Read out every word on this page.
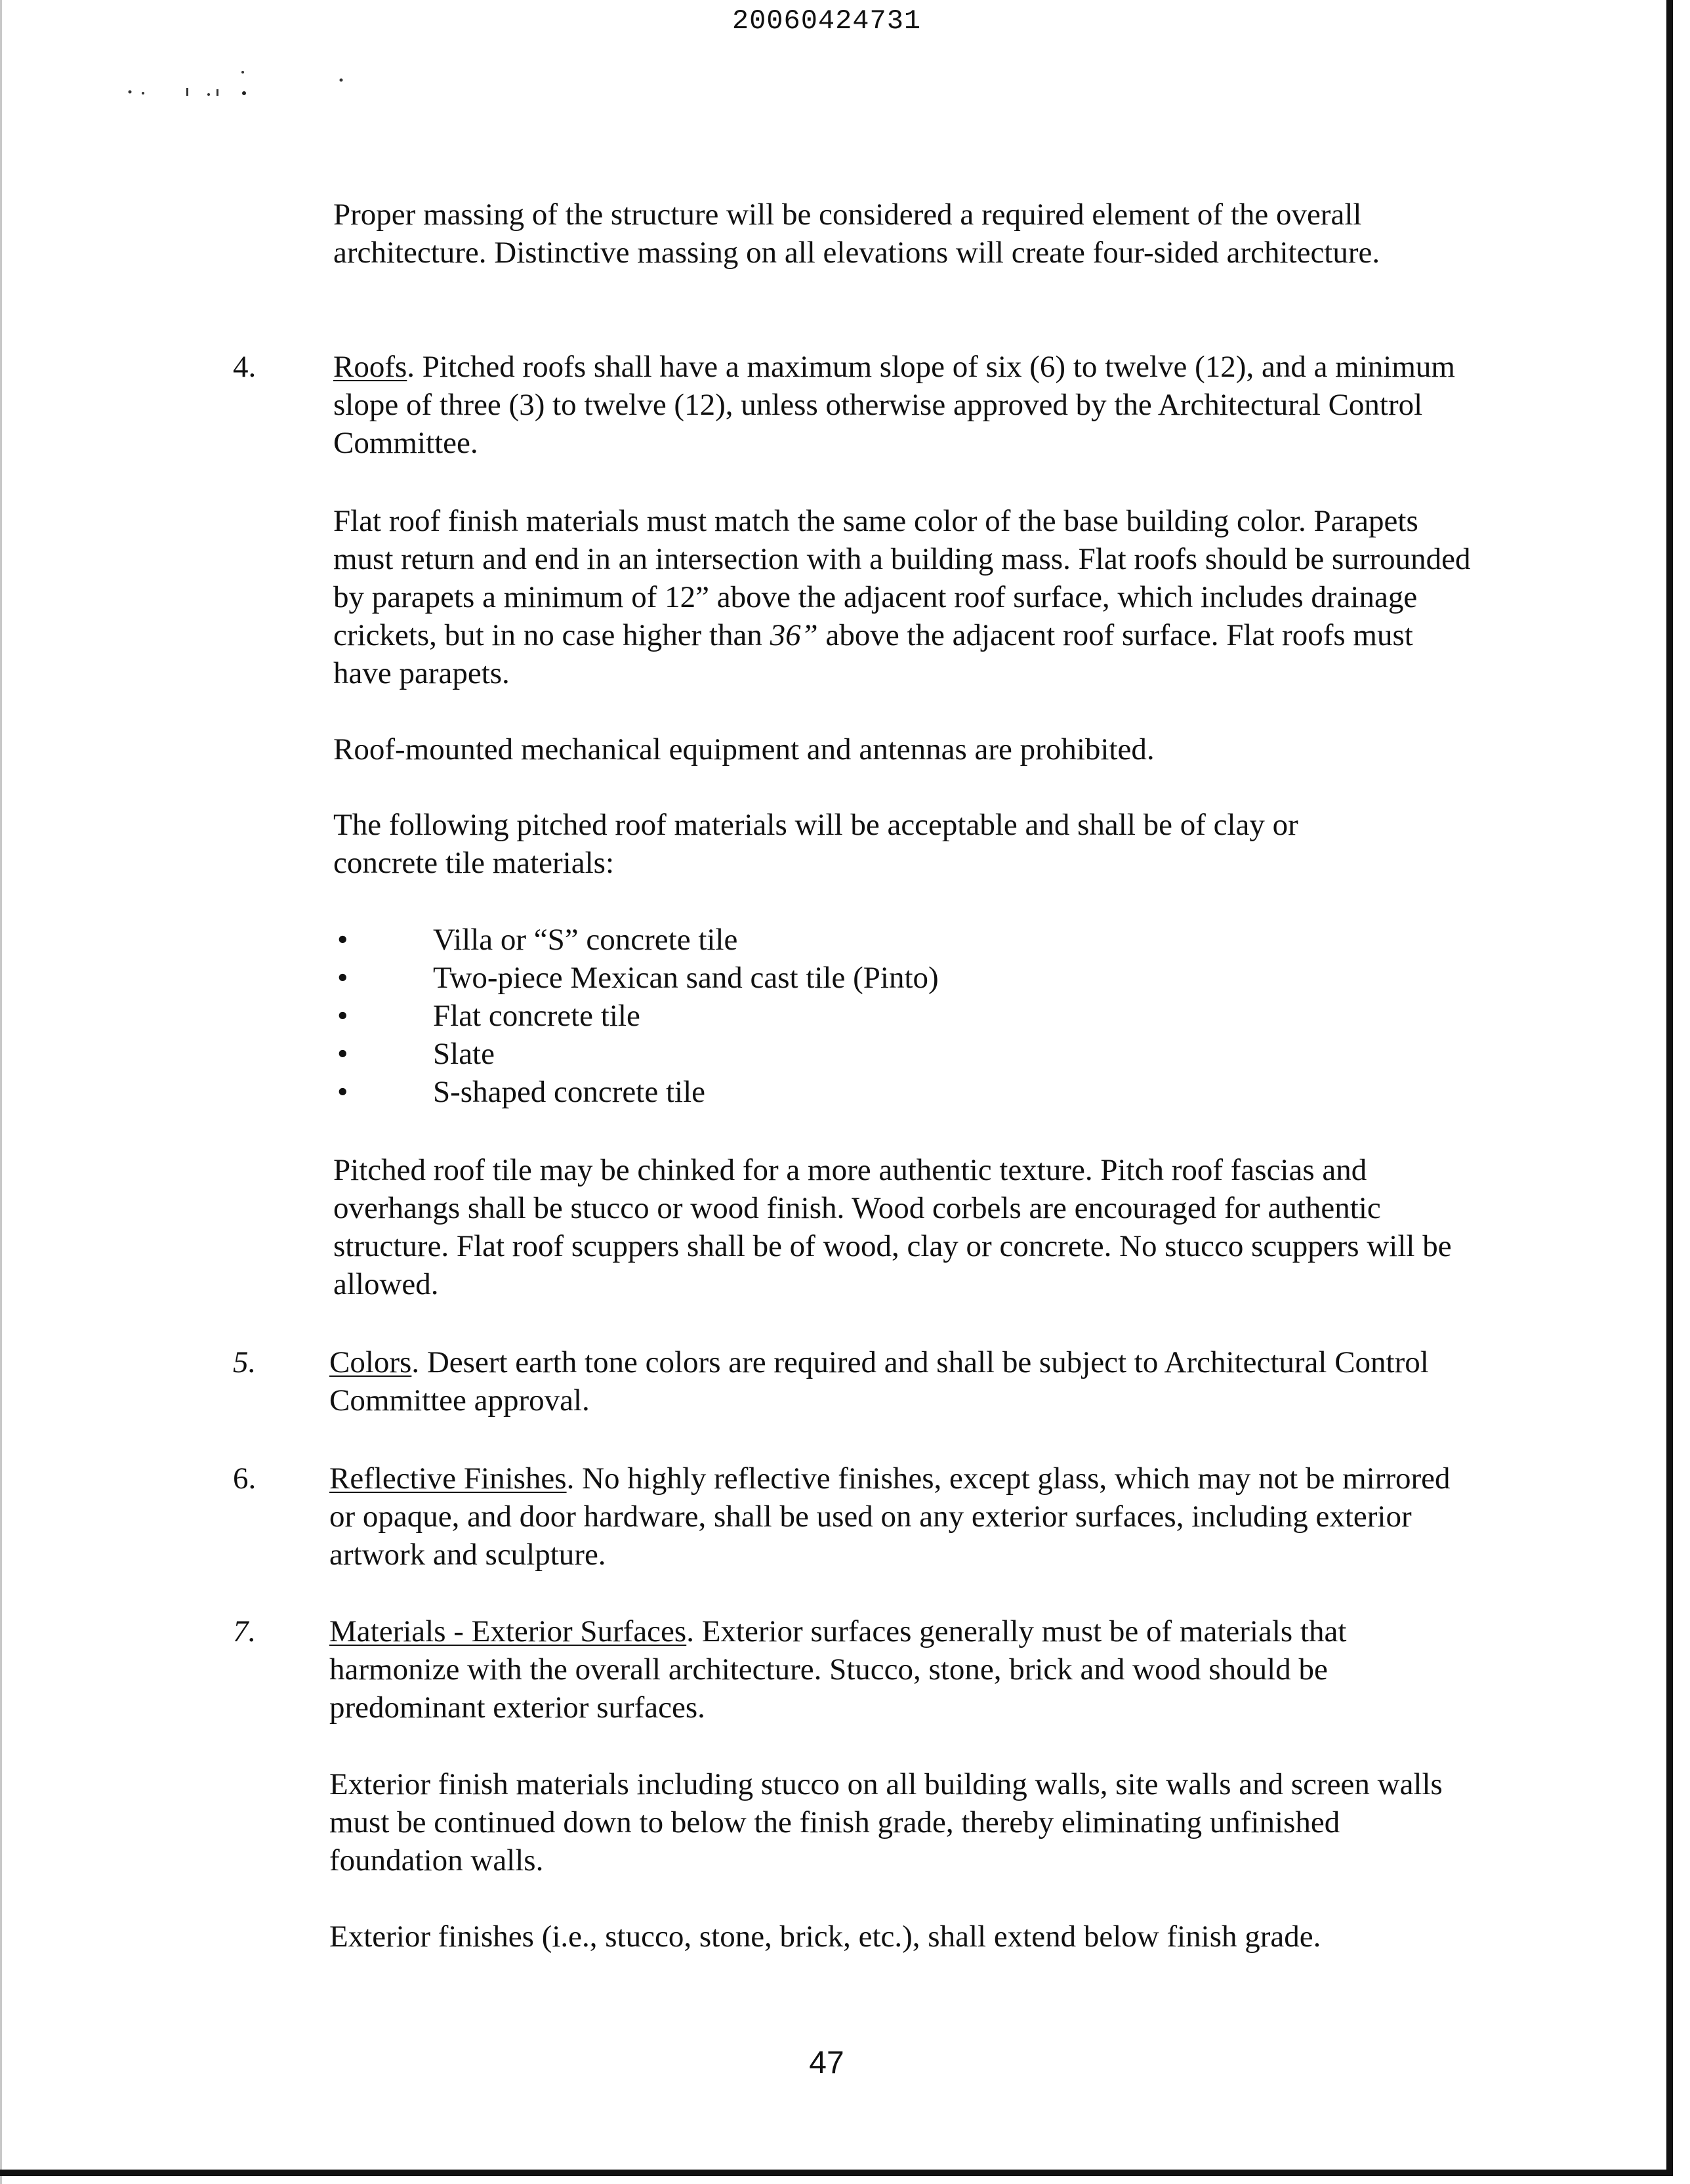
20060424731
Proper massing of the structure will be considered a required element of the overall architecture. Distinctive massing on all elevations will create four-sided architecture.
4.	Roofs. Pitched roofs shall have a maximum slope of six (6) to twelve (12), and a minimum slope of three (3) to twelve (12), unless otherwise approved by the Architectural Control Committee.
Flat roof finish materials must match the same color of the base building color. Parapets must return and end in an intersection with a building mass. Flat roofs should be surrounded by parapets a minimum of 12” above the adjacent roof surface, which includes drainage crickets, but in no case higher than 36” above the adjacent roof surface. Flat roofs must have parapets.
Roof-mounted mechanical equipment and antennas are prohibited.
The following pitched roof materials will be acceptable and shall be of clay or concrete tile materials:
•	Villa or “S” concrete tile
•	Two-piece Mexican sand cast tile (Pinto)
•	Flat concrete tile
•	Slate
•	S-shaped concrete tile
Pitched roof tile may be chinked for a more authentic texture. Pitch roof fascias and overhangs shall be stucco or wood finish. Wood corbels are encouraged for authentic structure. Flat roof scuppers shall be of wood, clay or concrete. No stucco scuppers will be allowed.
5. Colors. Desert earth tone colors are required and shall be subject to Architectural Control Committee approval.
6. Reflective Finishes. No highly reflective finishes, except glass, which may not be mirrored or opaque, and door hardware, shall be used on any exterior surfaces, including exterior artwork and sculpture.
7. Materials - Exterior Surfaces. Exterior surfaces generally must be of materials that harmonize with the overall architecture. Stucco, stone, brick and wood should be predominant exterior surfaces.
Exterior finish materials including stucco on all building walls, site walls and screen walls must be continued down to below the finish grade, thereby eliminating unfinished foundation walls.
Exterior finishes (i.e., stucco, stone, brick, etc.), shall extend below finish grade.
47
